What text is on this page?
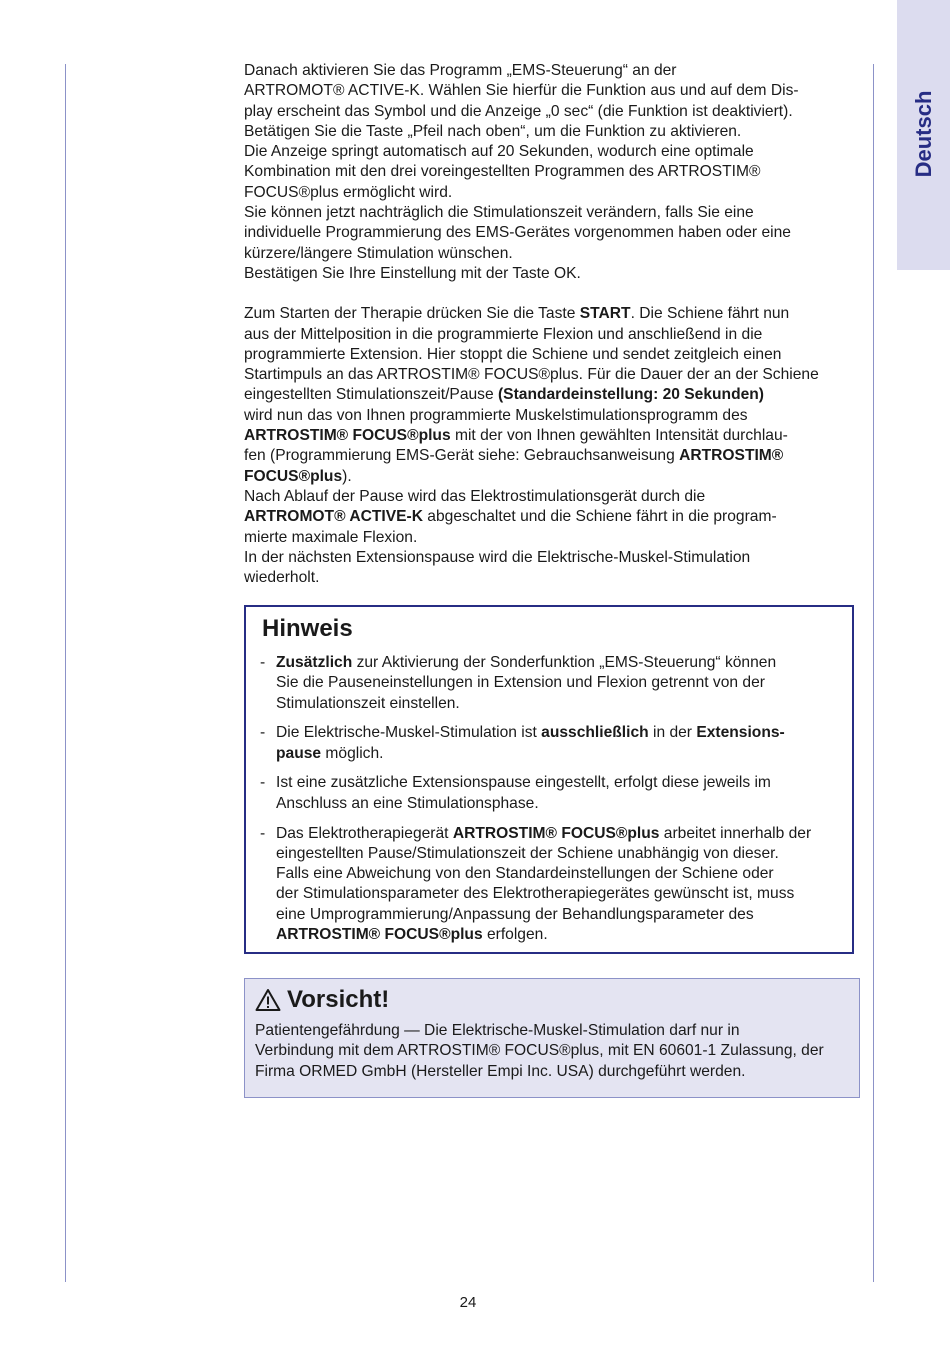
Deutsch

Danach aktivieren Sie das Programm „EMS-Steuerung“ an der
ARTROMOT® ACTIVE-K. Wählen Sie hierfür die Funktion aus und auf dem Dis-
play erscheint das Symbol und die Anzeige „0 sec“ (die Funktion ist deaktiviert).
Betätigen Sie die Taste „Pfeil nach oben“, um die Funktion zu aktivieren.
Die Anzeige springt automatisch auf 20 Sekunden, wodurch eine optimale
Kombination mit den drei voreingestellten Programmen des ARTROSTIM®
FOCUS®plus ermöglicht wird.
Sie können jetzt nachträglich die Stimulationszeit verändern, falls Sie eine
individuelle Programmierung des EMS-Gerätes vorgenommen haben oder eine
kürzere/längere Stimulation wünschen.
Bestätigen Sie Ihre Einstellung mit der Taste OK.

Zum Starten der Therapie drücken Sie die Taste START. Die Schiene fährt nun
aus der Mittelposition in die programmierte Flexion und anschließend in die
programmierte Extension. Hier stoppt die Schiene und sendet zeitgleich einen
Startimpuls an das ARTROSTIM® FOCUS®plus. Für die Dauer der an der Schiene
eingestellten Stimulationszeit/Pause (Standardeinstellung: 20 Sekunden)
wird nun das von Ihnen programmierte Muskelstimulationsprogramm des
ARTROSTIM® FOCUS®plus mit der von Ihnen gewählten Intensität durchlau-
fen (Programmierung EMS-Gerät siehe: Gebrauchsanweisung ARTROSTIM®
FOCUS®plus).
Nach Ablauf der Pause wird das Elektrostimulationsgerät durch die
ARTROMOT® ACTIVE-K abgeschaltet und die Schiene fährt in die program-
mierte maximale Flexion.
In der nächsten Extensionspause wird die Elektrische-Muskel-Stimulation
wiederholt.

Hinweis
- Zusätzlich zur Aktivierung der Sonderfunktion „EMS-Steuerung“ können
Sie die Pauseneinstellungen in Extension und Flexion getrennt von der
Stimulationszeit einstellen.
- Die Elektrische-Muskel-Stimulation ist ausschließlich in der Extensions-
pause möglich.
- Ist eine zusätzliche Extensionspause eingestellt, erfolgt diese jeweils im
Anschluss an eine Stimulationsphase.
- Das Elektrotherapiegerät ARTROSTIM® FOCUS®plus arbeitet innerhalb der
eingestellten Pause/Stimulationszeit der Schiene unabhängig von dieser.
Falls eine Abweichung von den Standardeinstellungen der Schiene oder
der Stimulationsparameter des Elektrotherapiegerätes gewünscht ist, muss
eine Umprogrammierung/Anpassung der Behandlungsparameter des
ARTROSTIM® FOCUS®plus erfolgen.
Vorsicht!

Patientengefährdung — Die Elektrische-Muskel-Stimulation darf nur in
Verbindung mit dem ARTROSTIM® FOCUS®plus, mit EN 60601-1 Zulassung, der
Firma ORMED GmbH (Hersteller Empi Inc. USA) durchgeführt werden.

24
